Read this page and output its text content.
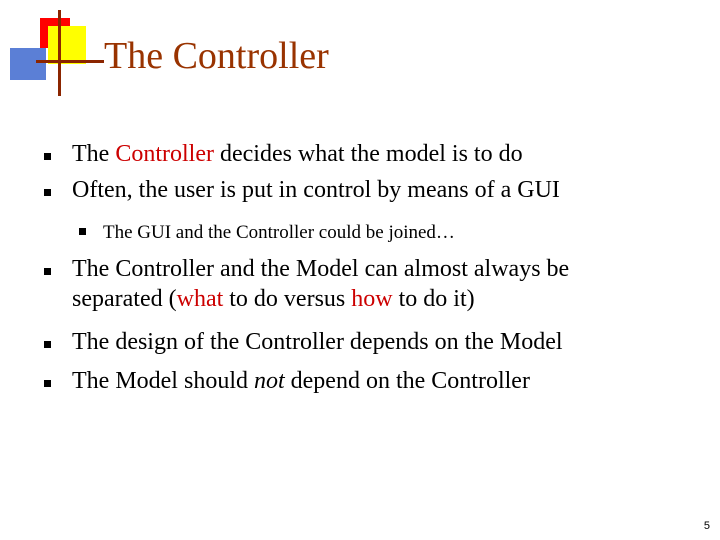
The Controller
The Controller decides what the model is to do
Often, the user is put in control by means of a GUI
The GUI and the Controller could be joined…
The Controller and the Model can almost always be
separated (what to do versus how to do it)
The design of the Controller depends on the Model
The Model should not depend on the Controller
5
